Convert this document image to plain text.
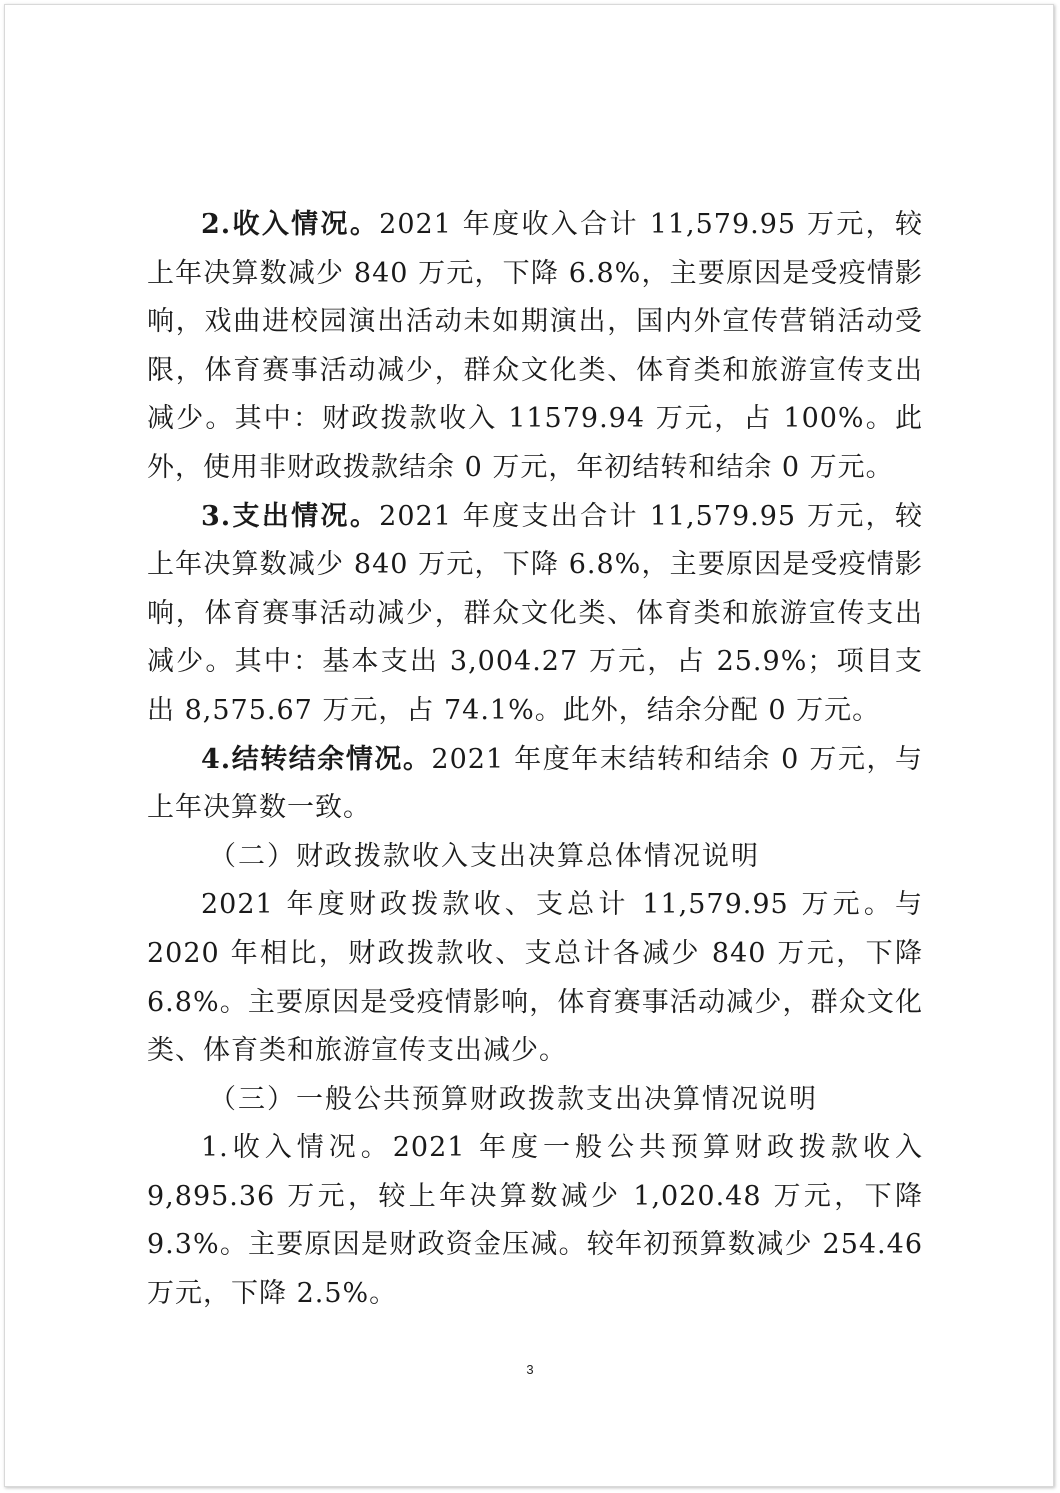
2.收入情况。2021 年度收入合计 11,579.95 万元，较上年决算数减少 840 万元，下降 6.8%，主要原因是受疫情影响，戏曲进校园演出活动未如期演出，国内外宣传营销活动受限，体育赛事活动减少，群众文化类、体育类和旅游宣传支出减少。其中：财政拨款收入 11579.94 万元，占 100%。此外，使用非财政拨款结余 0 万元，年初结转和结余 0 万元。

3.支出情况。2021 年度支出合计 11,579.95 万元，较上年决算数减少 840 万元，下降 6.8%，主要原因是受疫情影响，体育赛事活动减少，群众文化类、体育类和旅游宣传支出减少。其中：基本支出 3,004.27 万元，占 25.9%；项目支出 8,575.67 万元，占 74.1%。此外，结余分配 0 万元。

4.结转结余情况。2021 年度年末结转和结余 0 万元，与上年决算数一致。

（二）财政拨款收入支出决算总体情况说明

2021 年度财政拨款收、支总计 11,579.95 万元。与 2020 年相比，财政拨款收、支总计各减少 840 万元，下降 6.8%。主要原因是受疫情影响，体育赛事活动减少，群众文化类、体育类和旅游宣传支出减少。

（三）一般公共预算财政拨款支出决算情况说明

1.收入情况。2021 年度一般公共预算财政拨款收入 9,895.36 万元，较上年决算数减少 1,020.48 万元，下降 9.3%。主要原因是财政资金压减。较年初预算数减少 254.46 万元，下降 2.5%。

3
